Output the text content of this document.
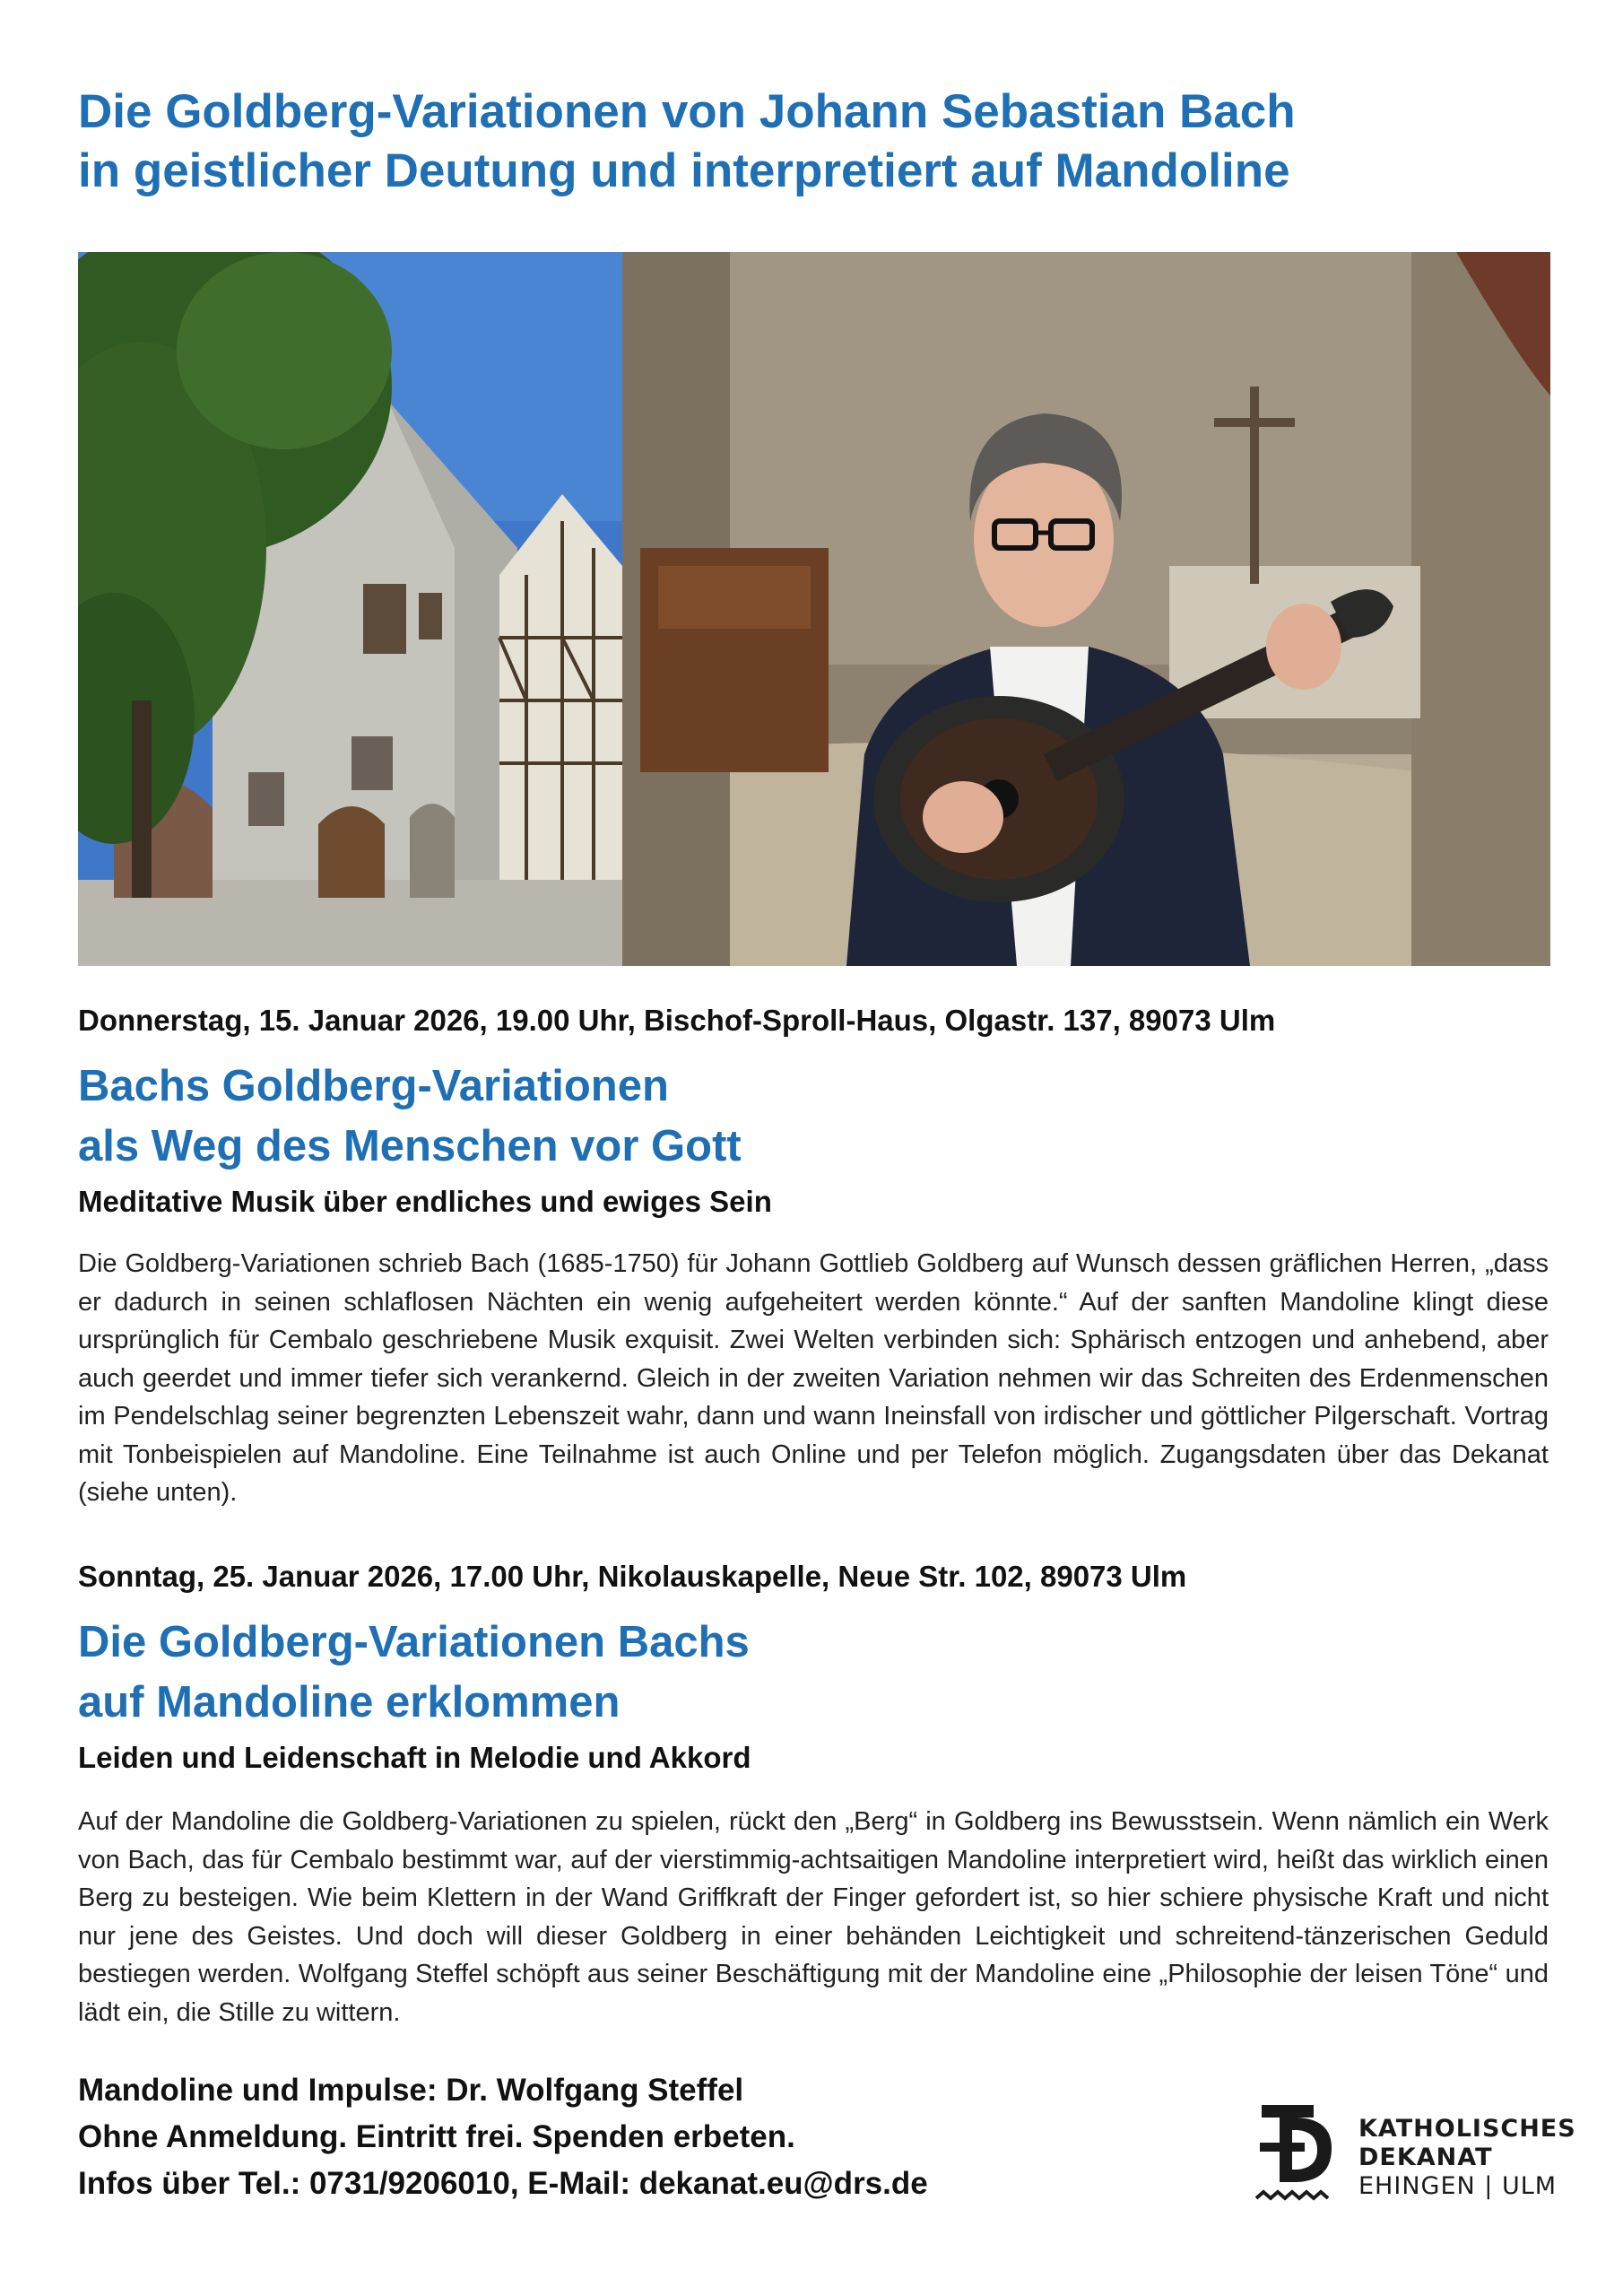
Die Goldberg-Variationen von Johann Sebastian Bach
in geistlicher Deutung und interpretiert auf Mandoline

Donnerstag, 15. Januar 2026, 19.00 Uhr, Bischof-Sproll-Haus, Olgastr. 137, 89073 Ulm

Bachs Goldberg-Variationen
als Weg des Menschen vor Gott

Meditative Musik über endliches und ewiges Sein

Die Goldberg-Variationen schrieb Bach (1685-1750) für Johann Gottlieb Goldberg auf Wunsch dessen gräflichen Herren, „dass er dadurch in seinen schlaflosen Nächten ein wenig aufgeheitert werden könnte.“ Auf der sanften Mandoline klingt diese ursprünglich für Cembalo geschriebene Musik exquisit. Zwei Welten verbinden sich: Sphärisch entzogen und anhebend, aber auch geerdet und immer tiefer sich verankernd. Gleich in der zweiten Variation nehmen wir das Schreiten des Erdenmenschen im Pendelschlag seiner begrenzten Lebenszeit wahr, dann und wann Ineinsfall von irdischer und göttlicher Pilgerschaft. Vortrag mit Tonbeispielen auf Mandoline. Eine Teilnahme ist auch Online und per Telefon möglich. Zugangsdaten über das Dekanat (siehe unten).

Sonntag, 25. Januar 2026, 17.00 Uhr, Nikolauskapelle, Neue Str. 102, 89073 Ulm

Die Goldberg-Variationen Bachs
auf Mandoline erklommen

Leiden und Leidenschaft in Melodie und Akkord

Auf der Mandoline die Goldberg-Variationen zu spielen, rückt den „Berg“ in Goldberg ins Bewusstsein. Wenn nämlich ein Werk von Bach, das für Cembalo bestimmt war, auf der vierstimmig-achtsaitigen Mandoline interpretiert wird, heißt das wirklich einen Berg zu besteigen. Wie beim Klettern in der Wand Griffkraft der Finger gefordert ist, so hier schiere physische Kraft und nicht nur jene des Geistes. Und doch will dieser Goldberg in einer behänden Leichtigkeit und schreitend-tänzerischen Geduld bestiegen werden. Wolfgang Steffel schöpft aus seiner Beschäftigung mit der Mandoline eine „Philosophie der leisen Töne“ und lädt ein, die Stille zu wittern.

Mandoline und Impulse: Dr. Wolfgang Steffel
Ohne Anmeldung. Eintritt frei. Spenden erbeten.
Infos über Tel.: 0731/9206010, E-Mail: dekanat.eu@drs.de
KATHOLISCHES
DEKANAT
EHINGEN | ULM
